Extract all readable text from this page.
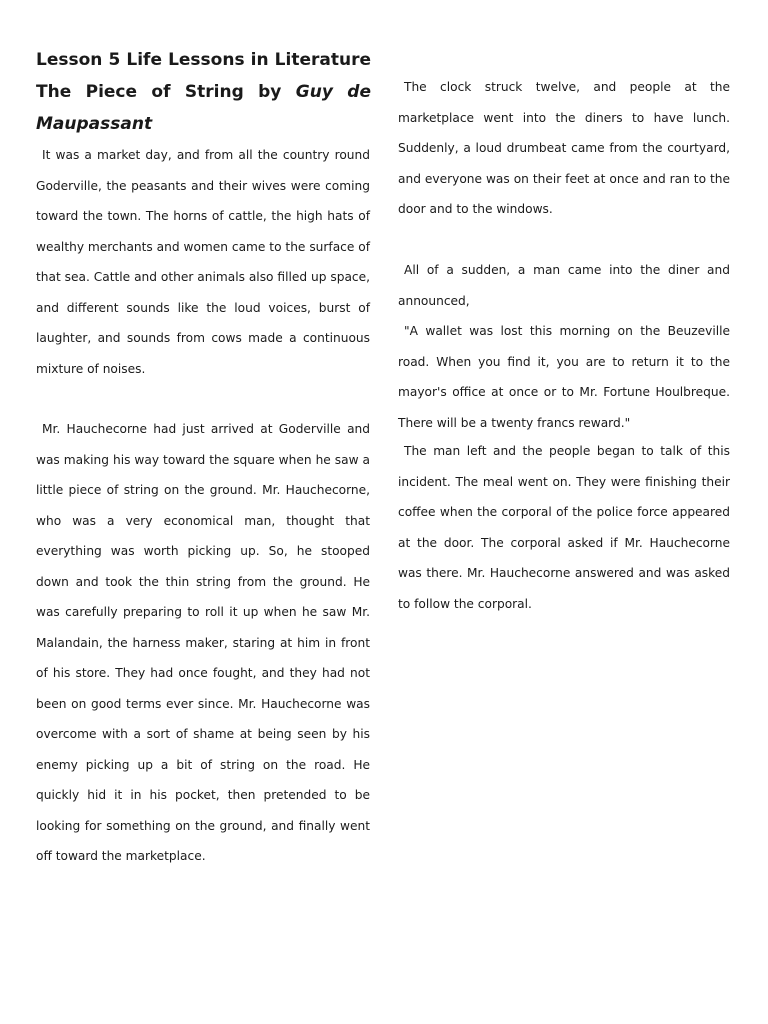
Lesson 5 Life Lessons in Literature
The Piece of String by Guy de Maupassant

It was a market day, and from all the country round Goderville, the peasants and their wives were coming toward the town. The horns of cattle, the high hats of wealthy merchants and women came to the surface of that sea. Cattle and other animals also filled up space, and different sounds like the loud voices, burst of laughter, and sounds from cows made a continuous mixture of noises.

Mr. Hauchecorne had just arrived at Goderville and was making his way toward the square when he saw a little piece of string on the ground. Mr. Hauchecorne, who was a very economical man, thought that everything was worth picking up. So, he stooped down and took the thin string from the ground. He was carefully preparing to roll it up when he saw Mr. Malandain, the harness maker, staring at him in front of his store. They had once fought, and they had not been on good terms ever since. Mr. Hauchecorne was overcome with a sort of shame at being seen by his enemy picking up a bit of string on the road. He quickly hid it in his pocket, then pretended to be looking for something on the ground, and finally went off toward the marketplace.

The clock struck twelve, and people at the marketplace went into the diners to have lunch. Suddenly, a loud drumbeat came from the courtyard, and everyone was on their feet at once and ran to the door and to the windows.

All of a sudden, a man came into the diner and announced,

"A wallet was lost this morning on the Beuzeville road. When you find it, you are to return it to the mayor's office at once or to Mr. Fortune Houlbreque. There will be a twenty francs reward."

The man left and the people began to talk of this incident. The meal went on. They were finishing their coffee when the corporal of the police force appeared at the door. The corporal asked if Mr. Hauchecorne was there. Mr. Hauchecorne answered and was asked to follow the corporal.
